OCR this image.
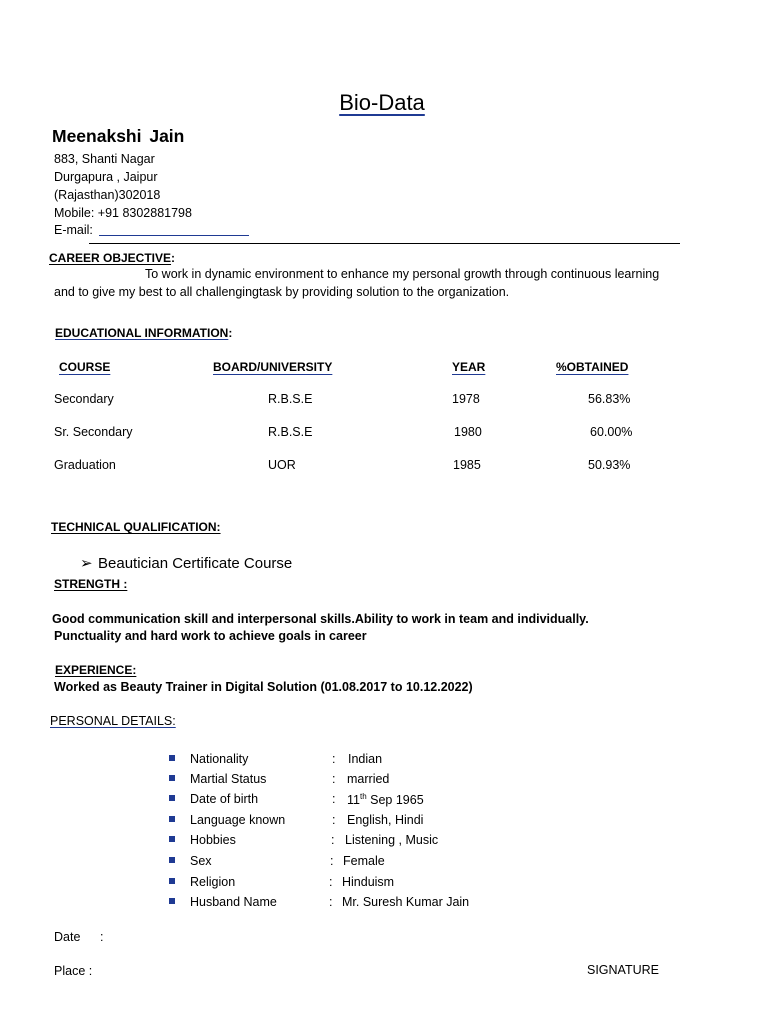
Bio-Data
Meenakshi Jain
883, Shanti Nagar
Durgapura , Jaipur
(Rajasthan)302018
Mobile: +91 8302881798
E-mail:
CAREER OBJECTIVE:
To work in dynamic environment to enhance my personal growth through continuous learning
and to give my best to all challengingtask by providing solution to the organization.
EDUCATIONAL INFORMATION:
COURSE	BOARD/UNIVERSITY	YEAR	%OBTAINED
Secondary	R.B.S.E	1978	56.83%
Sr. Secondary	R.B.S.E	1980	60.00%
Graduation	UOR	1985	50.93%
TECHNICAL QUALIFICATION:
➢ Beautician Certificate Course
STRENGTH :
Good communication skill and interpersonal skills.Ability to work in team and individually.
Punctuality and hard work to achieve goals in career
EXPERIENCE:
Worked as Beauty Trainer in Digital Solution (01.08.2017 to 10.12.2022)
PERSONAL DETAILS:
Nationality	: Indian
Martial Status	: married
Date of birth	: 11th Sep 1965
Language known	: English, Hindi
Hobbies	: Listening , Music
Sex	: Female
Religion	: Hinduism
Husband Name	: Mr. Suresh Kumar Jain
Date :
Place :	SIGNATURE
